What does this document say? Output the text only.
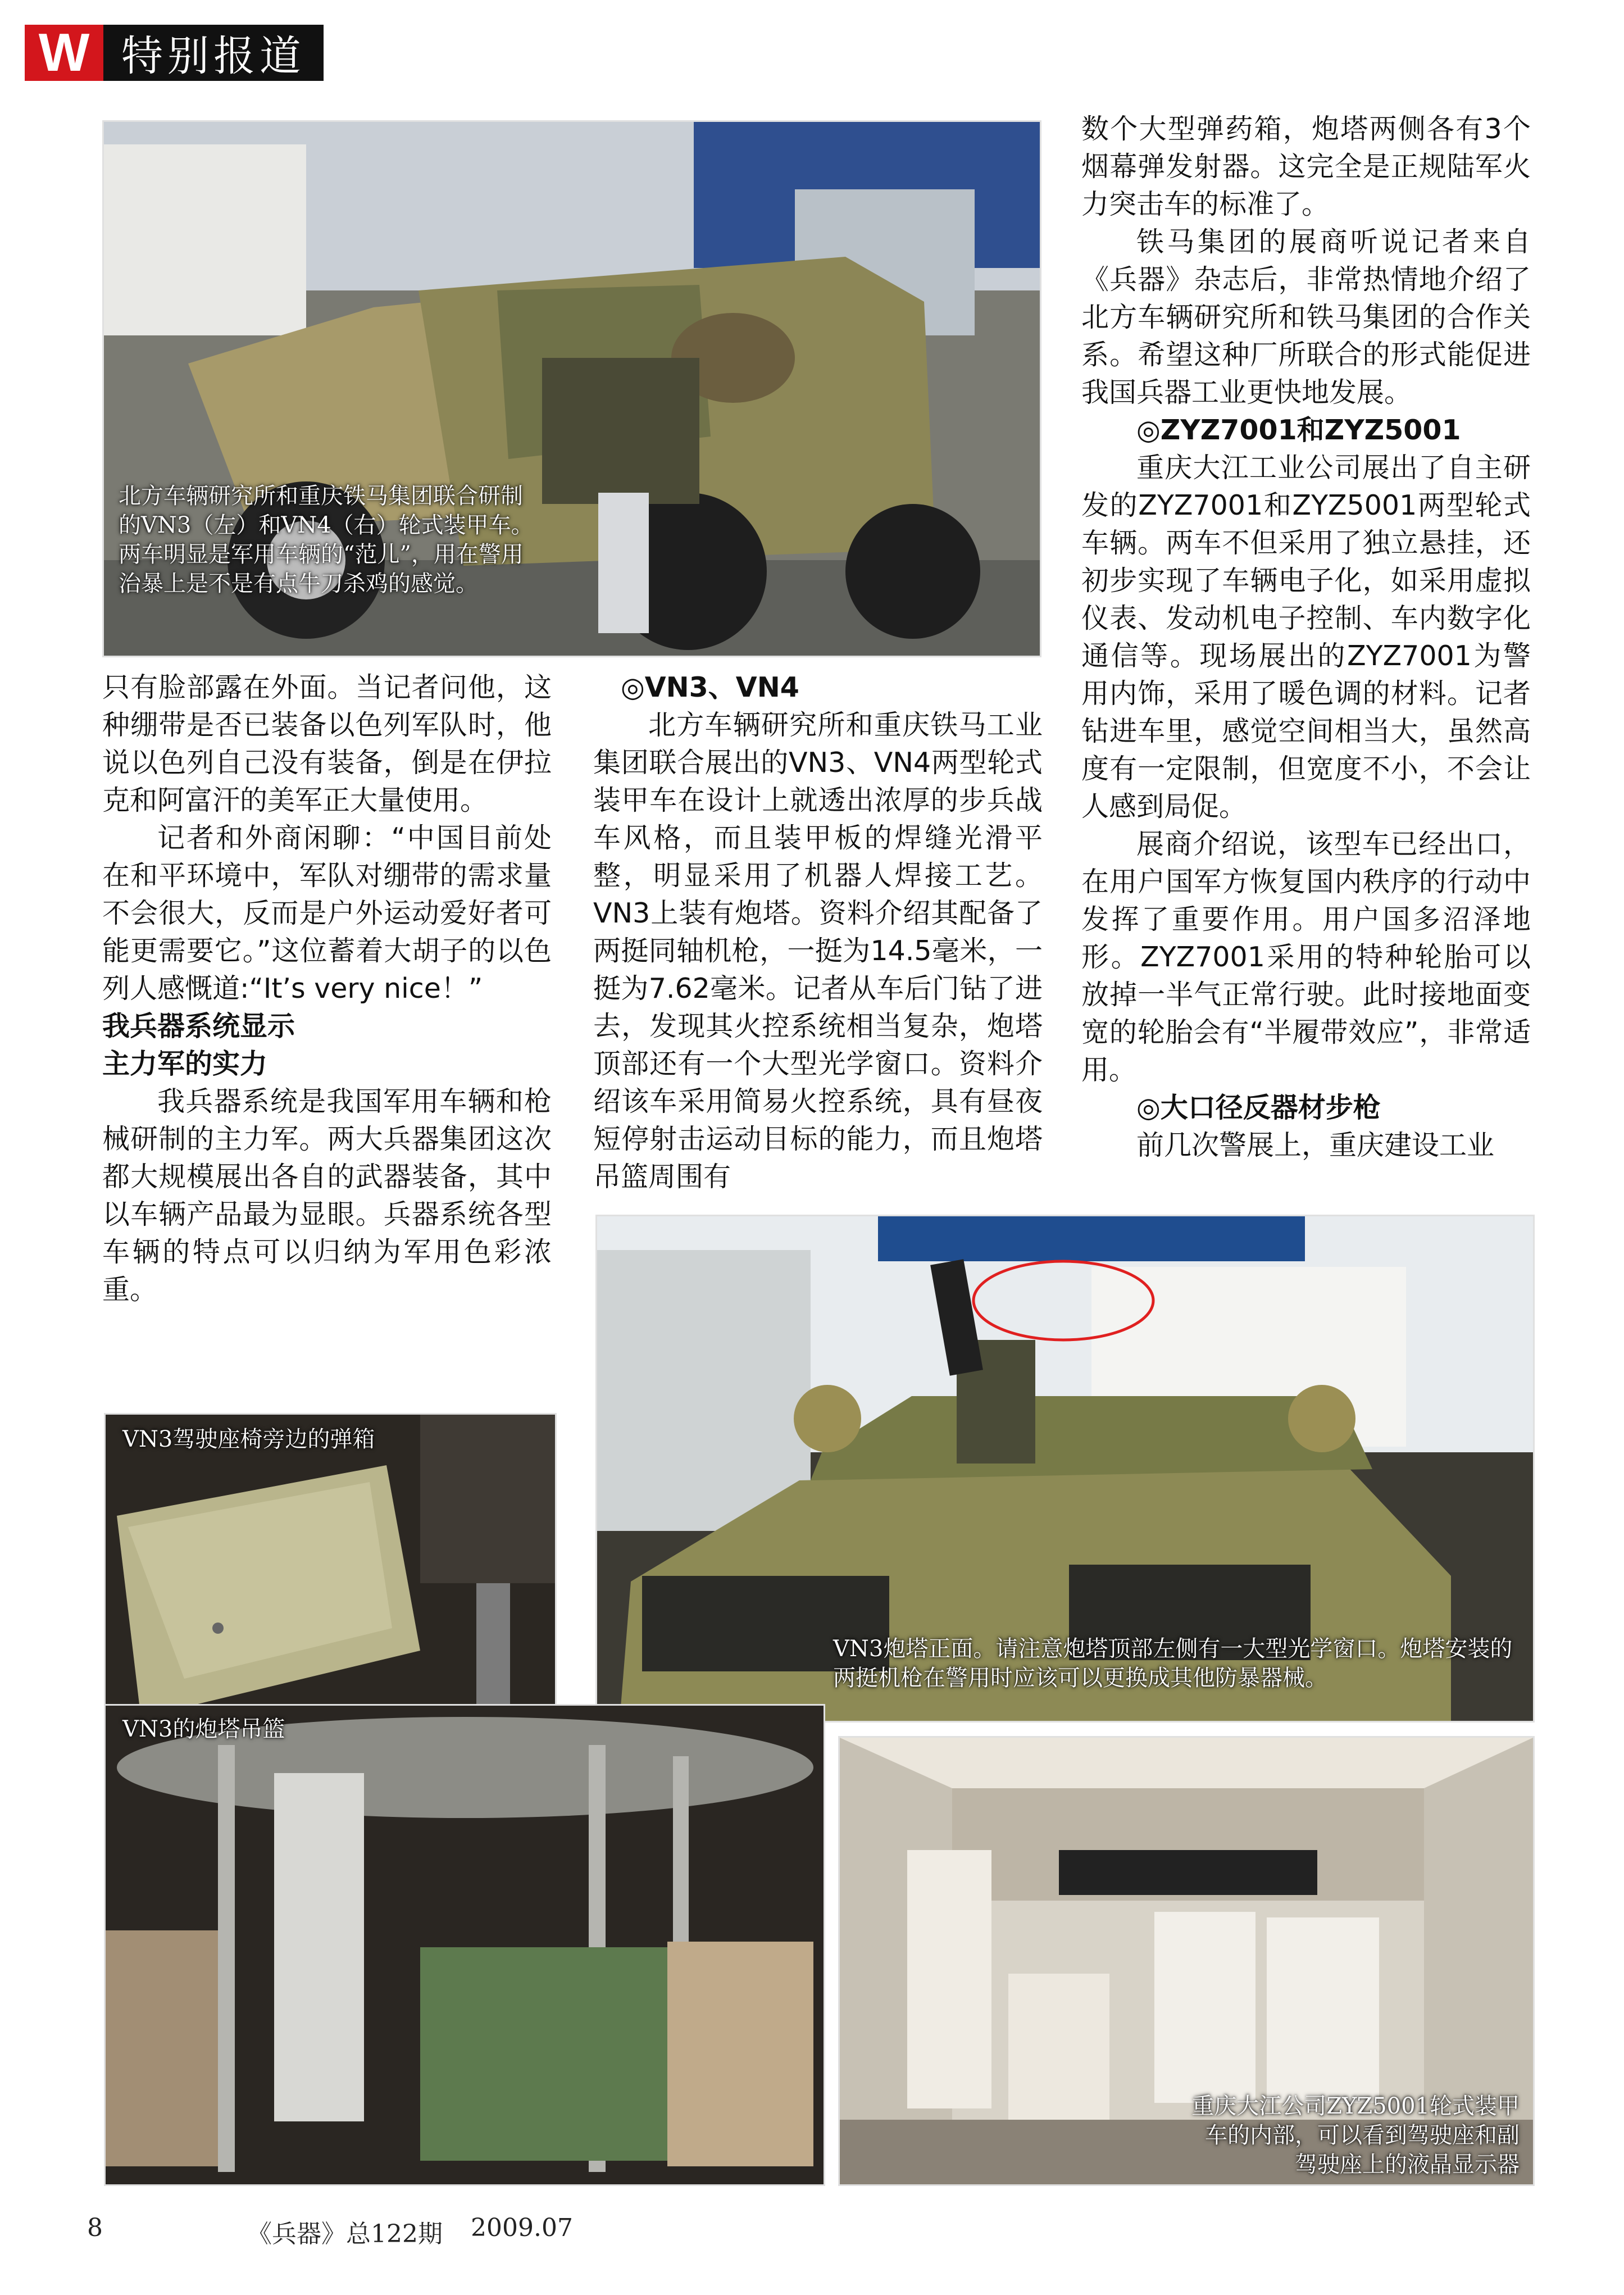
W 特别报道
北方车辆研究所和重庆铁马集团联合研制的VN3（左）和VN4（右）轮式装甲车。两车明显是军用车辆的“范儿”，用在警用治暴上是不是有点牛刀杀鸡的感觉。

数个大型弹药箱，炮塔两侧各有3个烟幕弹发射器。这完全是正规陆军火力突击车的标准了。

铁马集团的展商听说记者来自《兵器》杂志后，非常热情地介绍了北方车辆研究所和铁马集团的合作关系。希望这种厂所联合的形式能促进我国兵器工业更快地发展。

◎ZYZ7001和ZYZ5001

重庆大江工业公司展出了自主研发的ZYZ7001和ZYZ5001两型轮式车辆。两车不但采用了独立悬挂，还初步实现了车辆电子化，如采用虚拟仪表、发动机电子控制、车内数字化通信等。现场展出的ZYZ7001为警用内饰，采用了暖色调的材料。记者钻进车里，感觉空间相当大，虽然高度有一定限制，但宽度不小，不会让人感到局促。

展商介绍说，该型车已经出口，在用户国军方恢复国内秩序的行动中发挥了重要作用。用户国多沼泽地形。ZYZ7001采用的特种轮胎可以放掉一半气正常行驶。此时接地面变宽的轮胎会有“半履带效应”，非常适用。

◎大口径反器材步枪

前几次警展上，重庆建设工业

只有脸部露在外面。当记者问他，这种绷带是否已装备以色列军队时，他说以色列自己没有装备，倒是在伊拉克和阿富汗的美军正大量使用。

记者和外商闲聊：“中国目前处在和平环境中，军队对绷带的需求量不会很大，反而是户外运动爱好者可能更需要它。”这位蓄着大胡子的以色列人感慨道:“It’s very nice！”

我兵器系统显示

主力军的实力

我兵器系统是我国军用车辆和枪械研制的主力军。两大兵器集团这次都大规模展出各自的武器装备，其中以车辆产品最为显眼。兵器系统各型车辆的特点可以归纳为军用色彩浓重。

◎VN3、VN4

北方车辆研究所和重庆铁马工业集团联合展出的VN3、VN4两型轮式装甲车在设计上就透出浓厚的步兵战车风格，而且装甲板的焊缝光滑平整，明显采用了机器人焊接工艺。VN3上装有炮塔。资料介绍其配备了两挺同轴机枪，一挺为14.5毫米，一挺为7.62毫米。记者从车后门钻了进去，发现其火控系统相当复杂，炮塔顶部还有一个大型光学窗口。资料介绍该车采用简易火控系统，具有昼夜短停射击运动目标的能力，而且炮塔吊篮周围有

VN3炮塔正面。请注意炮塔顶部左侧有一大型光学窗口。炮塔安装的两挺机枪在警用时应该可以更换成其他防暴器械。
VN3驾驶座椅旁边的弹箱
VN3的炮塔吊篮
重庆大江公司ZYZ5001轮式装甲车的内部，可以看到驾驶座和副驾驶座上的液晶显示器
8	《兵器》总122期 2009.07
